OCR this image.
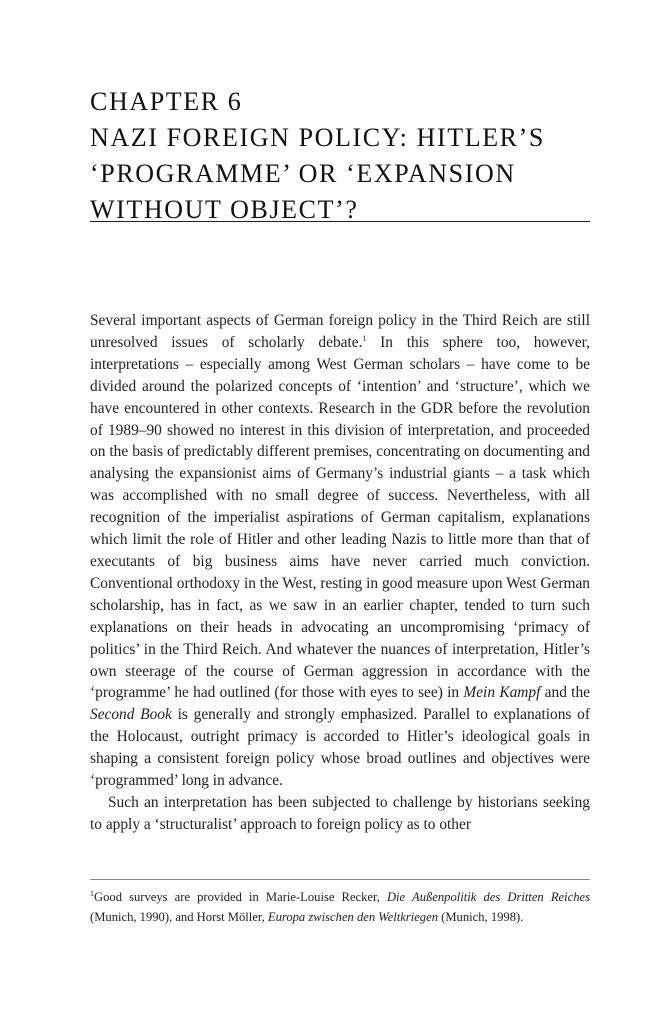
CHAPTER 6
NAZI FOREIGN POLICY: HITLER’S
‘PROGRAMME’ OR ‘EXPANSION
WITHOUT OBJECT’?

Several important aspects of German foreign policy in the Third Reich are still unresolved issues of scholarly debate.$^1$ In this sphere too, however, interpretations – especially among West German scholars – have come to be divided around the polarized concepts of ‘intention’ and ‘structure’, which we have encountered in other contexts. Research in the GDR before the revolution of 1989–90 showed no interest in this division of interpretation, and proceeded on the basis of predictably different premises, concentrating on documenting and analysing the expansionist aims of Germany’s industrial giants – a task which was accomplished with no small degree of success. Nevertheless, with all recognition of the imperialist aspirations of German capitalism, explanations which limit the role of Hitler and other leading Nazis to little more than that of executants of big business aims have never carried much conviction. Conventional orthodoxy in the West, resting in good measure upon West German scholarship, has in fact, as we saw in an earlier chapter, tended to turn such explanations on their heads in advocating an uncompromising ‘primacy of politics’ in the Third Reich. And whatever the nuances of interpretation, Hitler’s own steerage of the course of German aggression in accordance with the ‘programme’ he had outlined (for those with eyes to see) in Mein Kampf and the Second Book is generally and strongly emphasized. Parallel to explanations of the Holocaust, outright primacy is accorded to Hitler’s ideological goals in shaping a consistent foreign policy whose broad outlines and objectives were ‘programmed’ long in advance.

Such an interpretation has been subjected to challenge by historians seeking to apply a ‘structuralist’ approach to foreign policy as to other

$^1$Good surveys are provided in Marie-Louise Recker, Die Außenpolitik des Dritten Reiches (Munich, 1990), and Horst Möller, Europa zwischen den Weltkriegen (Munich, 1998).
